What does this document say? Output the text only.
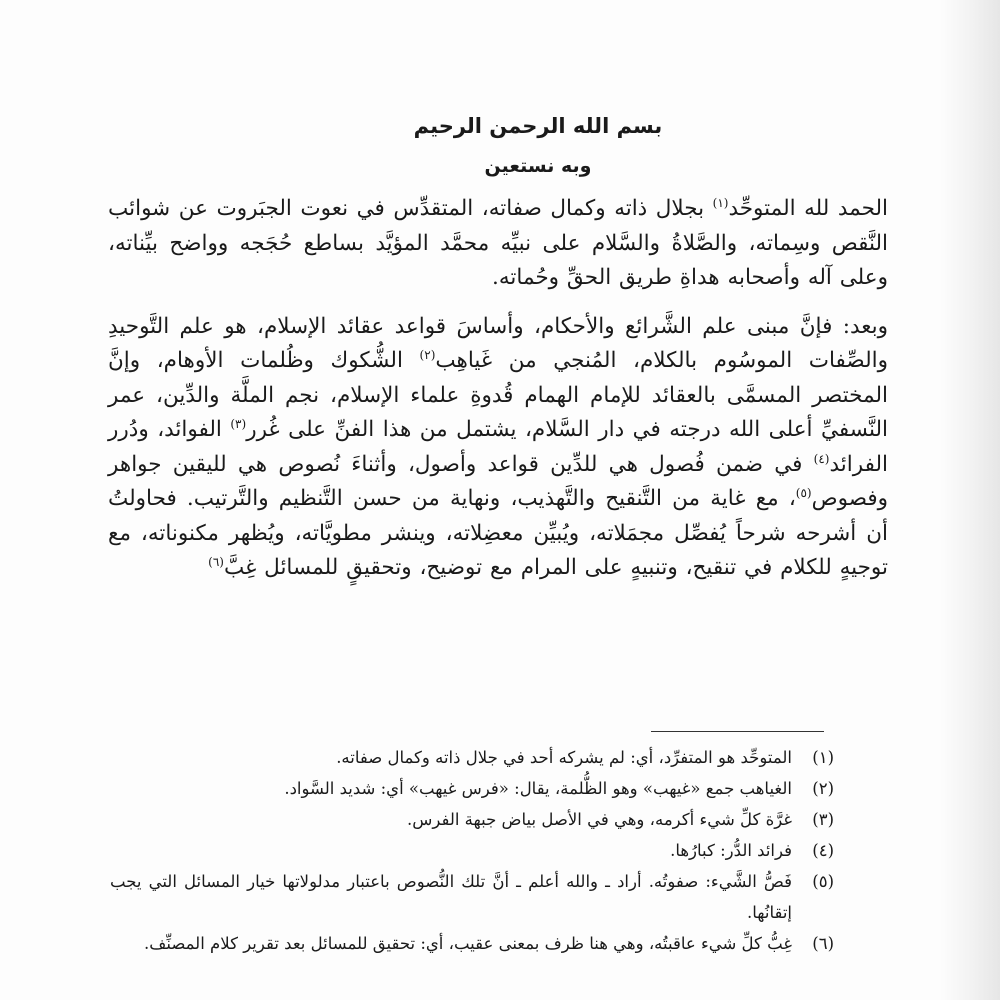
بسم الله الرحمن الرحيم
وبه نستعين

الحمد لله المتوحِّد$^{(١)}$ بجلال ذاته وكمال صفاته، المتقدِّس في نعوت الجبَروت عن شوائب النَّقص وسِماته، والصَّلاةُ والسَّلام على نبيِّه محمَّد المؤيَّد بساطع حُجَجه وواضح بيِّناته، وعلى آله وأصحابه هداةِ طريق الحقِّ وحُماته.

وبعد: فإنَّ مبنى علم الشَّرائع والأحكام، وأساسَ قواعد عقائد الإسلام، هو علم التَّوحيدِ والصِّفات الموسُوم بالكلام، المُنجي من غَياهِب$^{(٢)}$ الشُّكوك وظُلمات الأوهام، وإنَّ المختصر المسمَّى بالعقائد للإمام الهمام قُدوةِ علماء الإسلام، نجم الملَّة والدِّين، عمر النَّسفيِّ أعلى الله درجته في دار السَّلام، يشتمل من هذا الفنِّ على غُرر$^{(٣)}$ الفوائد، ودُرر الفرائد$^{(٤)}$ في ضمن فُصول هي للدِّين قواعد وأصول، وأثناءَ نُصوص هي لليقين جواهر وفصوص$^{(٥)}$، مع غاية من التَّنقيح والتَّهذيب، ونهاية من حسن التَّنظيم والتَّرتيب. فحاولتُ أن أشرحه شرحاً يُفصِّل مجمَلاته، ويُبيِّن معضِلاته، وينشر مطويَّاته، ويُظهر مكنوناته، مع توجيهٍ للكلام في تنقيح، وتنبيهٍ على المرام مع توضيح، وتحقيقٍ للمسائل غِبَّ$^{(٦)}$

(١)
المتوحِّد هو المتفرِّد، أي: لم يشركه أحد في جلال ذاته وكمال صفاته.
(٢)
الغياهب جمع «غيهب» وهو الظُّلمة، يقال: «فرس غيهب» أي: شديد السَّواد.
(٣)
غرَّة كلِّ شيء أكرمه، وهي في الأصل بياض جبهة الفرس.
(٤)
فرائد الدُّر: كبارُها.
(٥)
فَصُّ الشَّيء: صفوتُه. أراد ـ والله أعلم ـ أنَّ تلك النُّصوص باعتبار مدلولاتها خيار المسائل التي يجب إتقانُها.
(٦)
غِبُّ كلِّ شيء عاقبتُه، وهي هنا ظرف بمعنى عقيب، أي: تحقيق للمسائل بعد تقرير كلام المصنِّف.
